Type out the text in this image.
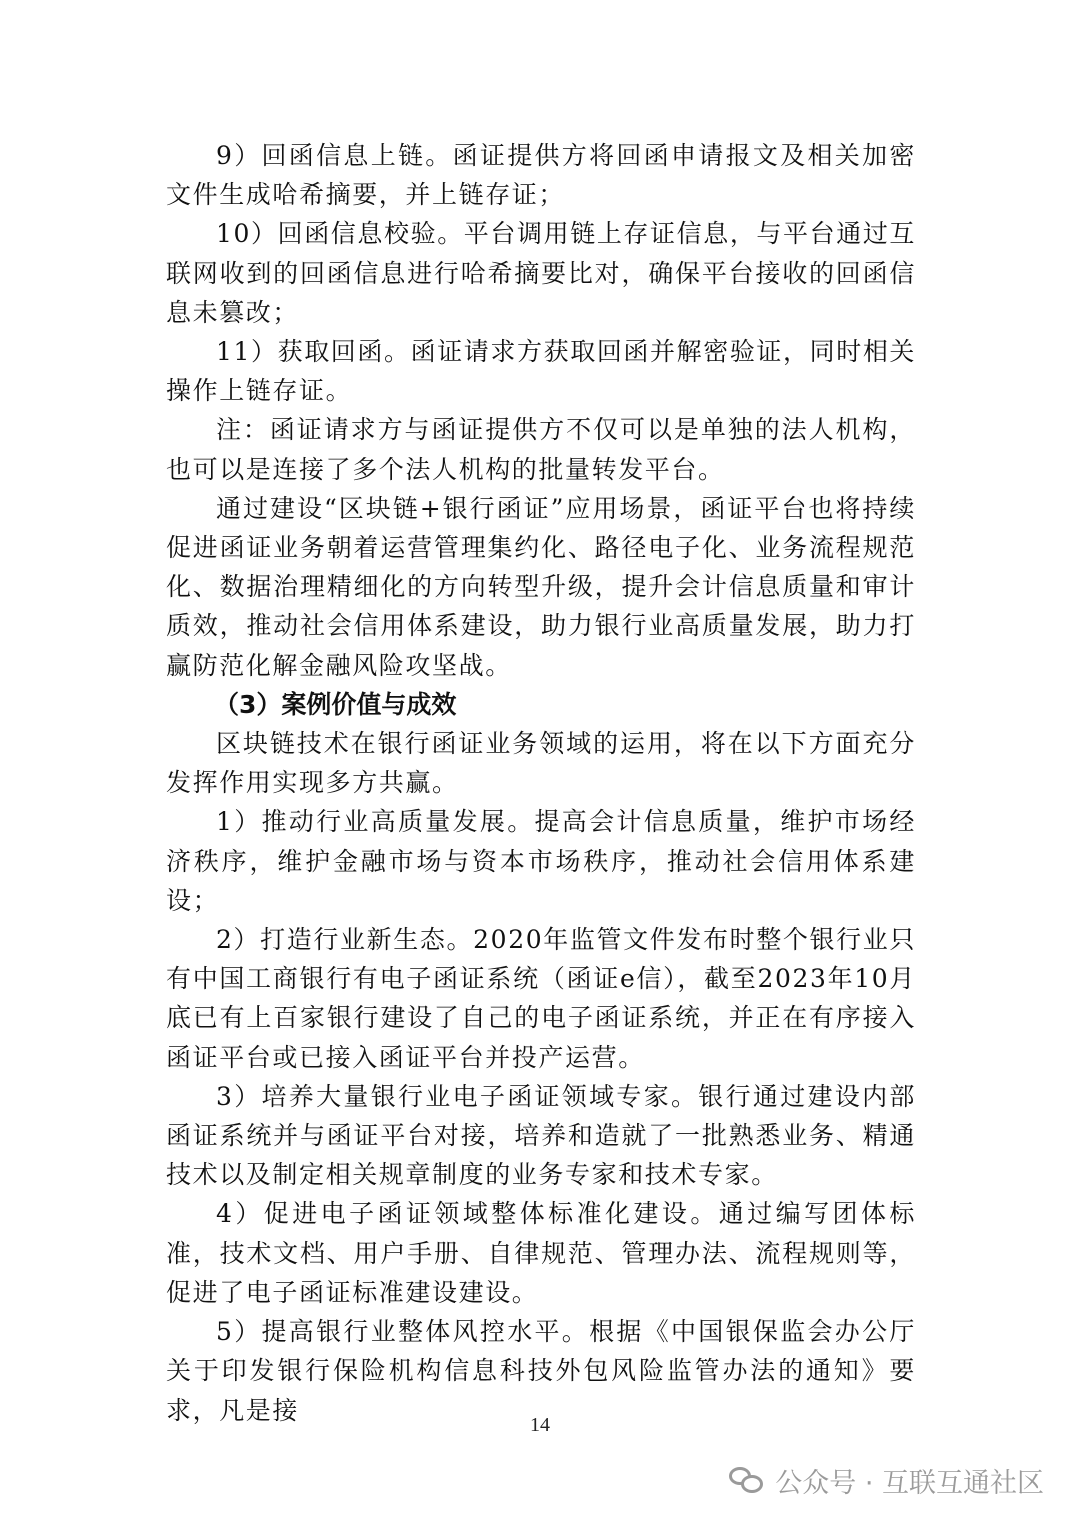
9）回函信息上链。函证提供方将回函申请报文及相关加密文件生成哈希摘要，并上链存证；

10）回函信息校验。平台调用链上存证信息，与平台通过互联网收到的回函信息进行哈希摘要比对，确保平台接收的回函信息未篡改；

11）获取回函。函证请求方获取回函并解密验证，同时相关操作上链存证。

注：函证请求方与函证提供方不仅可以是单独的法人机构，也可以是连接了多个法人机构的批量转发平台。

通过建设“区块链+银行函证”应用场景，函证平台也将持续促进函证业务朝着运营管理集约化、路径电子化、业务流程规范化、数据治理精细化的方向转型升级，提升会计信息质量和审计质效，推动社会信用体系建设，助力银行业高质量发展，助力打赢防范化解金融风险攻坚战。

（3）案例价值与成效

区块链技术在银行函证业务领域的运用，将在以下方面充分发挥作用实现多方共赢。

1）推动行业高质量发展。提高会计信息质量，维护市场经济秩序，维护金融市场与资本市场秩序，推动社会信用体系建设；

2）打造行业新生态。2020年监管文件发布时整个银行业只有中国工商银行有电子函证系统（函证e信），截至2023年10月底已有上百家银行建设了自己的电子函证系统，并正在有序接入函证平台或已接入函证平台并投产运营。

3）培养大量银行业电子函证领域专家。银行通过建设内部函证系统并与函证平台对接，培养和造就了一批熟悉业务、精通技术以及制定相关规章制度的业务专家和技术专家。

4）促进电子函证领域整体标准化建设。通过编写团体标准，技术文档、用户手册、自律规范、管理办法、流程规则等，促进了电子函证标准建设建设。

5）提高银行业整体风控水平。根据《中国银保监会办公厅关于印发银行保险机构信息科技外包风险监管办法的通知》要求，凡是接

14
公众号 · 互联互通社区
